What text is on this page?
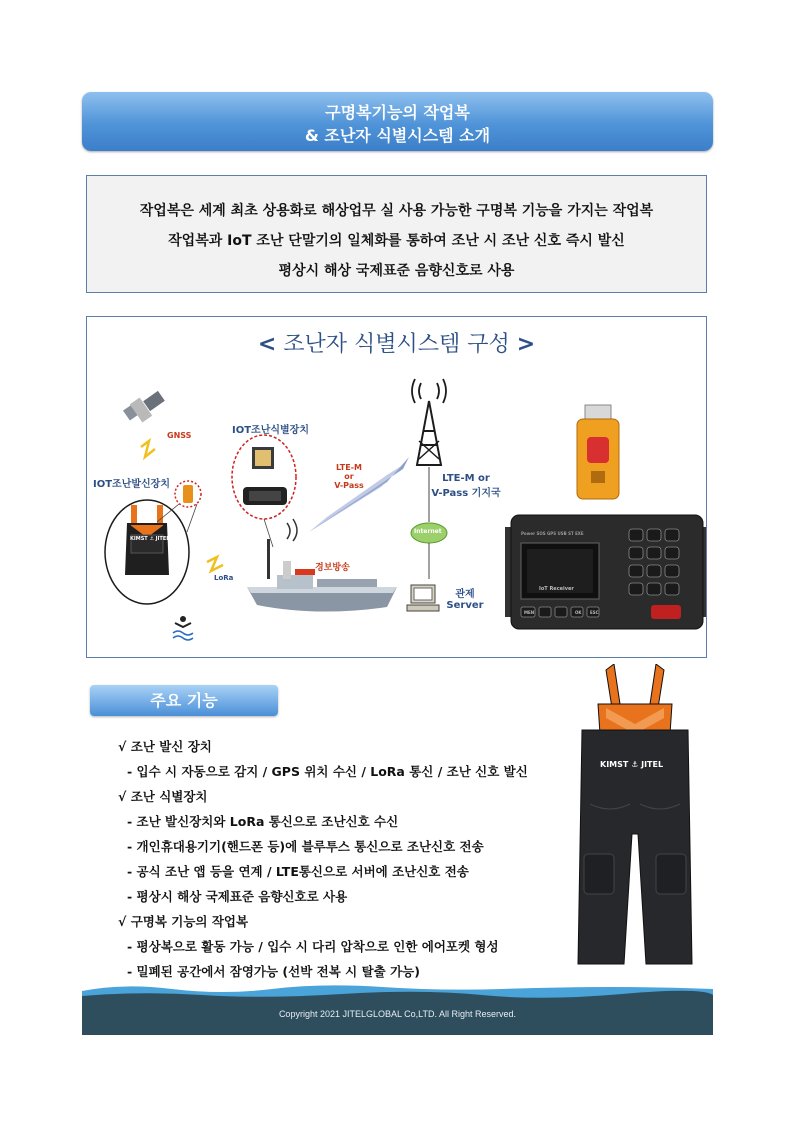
구명복기능의 작업복
& 조난자 식별시스템 소개
작업복은 세계 최초 상용화로 해상업무 실 사용 가능한 구명복 기능을 가지는 작업복
작업복과 IoT 조난 단말기의 일체화를 통하여 조난 시 조난 신호 즉시 발신
평상시 해상 국제표준 음향신호로 사용
< 조난자 식별시스템 구성 >
GNSS	IOT조난식별장치
IOT조난발신장치
LTE-M
or
V-Pass
LTE-M or
V-Pass 기지국
Internet
경보방송
LoRa
관제
Server
KIMST ⚓ JITEL
IoT Receiver
Power SOS GPS USB ST EXE
MEN	OK ESC
주요 기능
√ 조난 발신 장치
- 입수 시 자동으로 감지 / GPS 위치 수신 / LoRa 통신 / 조난 신호 발신
√ 조난 식별장치
- 조난 발신장치와 LoRa 통신으로 조난신호 수신
- 개인휴대용기기(핸드폰 등)에 블루투스 통신으로 조난신호 전송
- 공식 조난 앱 등을 연계 / LTE통신으로 서버에 조난신호 전송
- 평상시 해상 국제표준 음향신호로 사용
√ 구명복 기능의 작업복
- 평상복으로 활동 가능 / 입수 시 다리 압착으로 인한 에어포켓 형성
- 밀폐된 공간에서 잠영가능 (선박 전복 시 탈출 가능)
KIMST ⚓ JITEL
Copyright 2021 JITELGLOBAL Co,LTD. All Right Reserved.
